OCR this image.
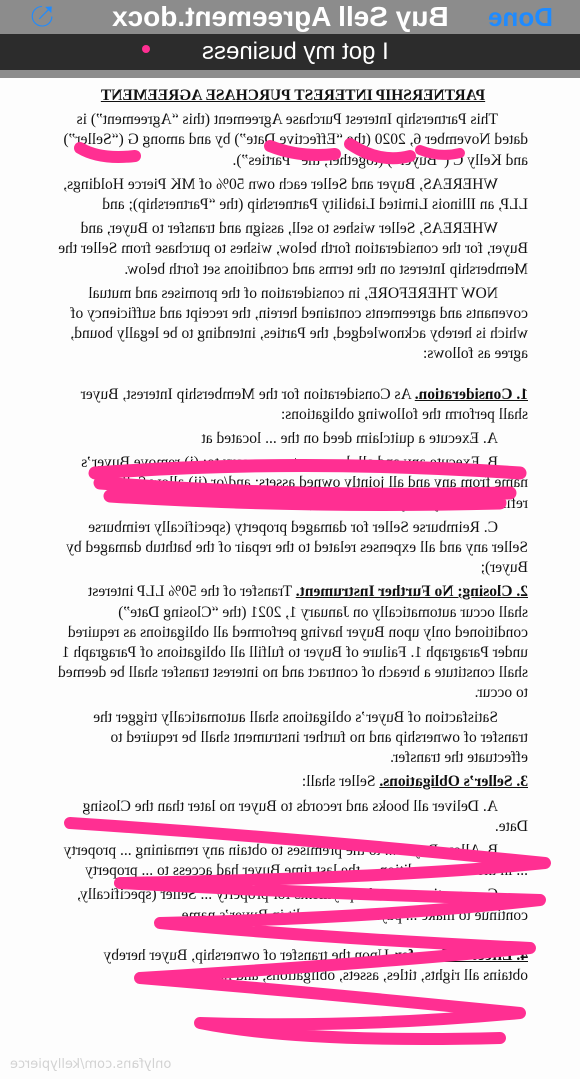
⎋	Buy Sell Agreement.docx	Done
I got my business

PARTNERSHIP INTEREST PURCHASE AGREEMENT

This Partnership Interest Purchase Agreement (this “Agreement”) is dated November 6, 2020 (the “Effective Date”) by and among G (“Seller”) and Kelly C (“Buyer”) (together, the “Parties”).

WHEREAS, Buyer and Seller each own 50% of MK Pierce Holdings, LLP, an Illinois Limited Liability Partnership (the “Partnership); and

WHEREAS, Seller wishes to sell, assign and transfer to Buyer, and Buyer, for the consideration forth below, wishes to purchase from Seller the Membership Interest on the terms and conditions set forth below.

NOW THEREFORE, in consideration of the promises and mutual covenants and agreements contained herein, the receipt and sufficiency of which is hereby acknowledged, the Parties, intending to be legally bound, agree as follows:

1. Consideration. As Consideration for the Membership Interest, Buyer shall perform the following obligations:

A. Execute a quitclaim deed on the ... located at

B. Execute any and all documents necessary to: (i) remove Buyer’s name from any and all jointly owned assets; and/or (ii) allow Seller to refinance said jointly owned assets;

C. Reimburse Seller for damaged property (specifically reimburse Seller any and all expenses related to the repair of the bathtub damaged by Buyer);

2. Closing; No Further Instrument. Transfer of the 50% LLP interest shall occur automatically on January 1, 2021 (the “Closing Date”) conditioned only upon Buyer having performed all obligations as required under Paragraph 1. Failure of Buyer to fulfill all obligations of Paragraph 1 shall constitute a breach of contract and no interest transfer shall be deemed to occur.

Satisfaction of Buyer’s obligations shall automatically trigger the transfer of ownership and no further instrument shall be required to effectuate the transfer.

3. Seller’s Obligations. Seller shall:

A. Deliver all books and records to Buyer no later than the Closing Date.

B. Allow Buyer ... to the premises to obtain any remaining ... property ... in the same condition ... the last time Buyer had access to ... property

C. ... continue to make payments for property ... Seller (specifically, continue to make ... payments ... credit in Buyer’s name

4. Effect of Transfer. Upon the transfer of ownership, Buyer hereby obtains all rights, titles, assets, obligations, and liabilities

onlyfans.com/kellypierce
